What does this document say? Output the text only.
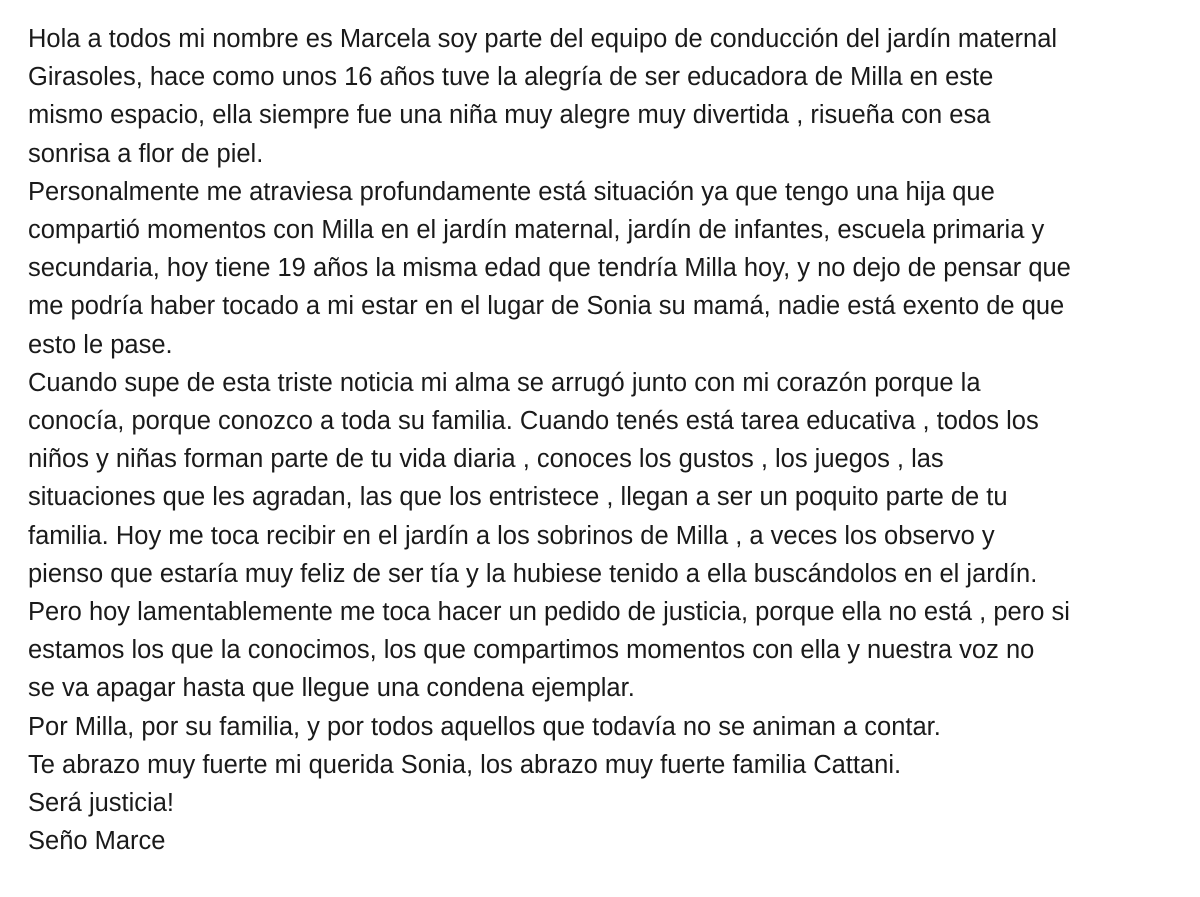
Hola a todos mi nombre es Marcela soy parte del equipo de conducción del jardín maternal
Girasoles, hace como unos 16 años tuve la alegría de ser educadora de Milla en este
mismo espacio, ella siempre fue una niña muy alegre muy divertida , risueña con esa
sonrisa a flor de piel.
Personalmente me atraviesa profundamente está situación ya que tengo una hija que
compartió momentos con Milla en el jardín maternal, jardín de infantes, escuela primaria y
secundaria, hoy tiene 19 años la misma edad que tendría Milla hoy, y no dejo de pensar que
me podría haber tocado a mi estar en el lugar de Sonia su mamá, nadie está exento de que
esto le pase.
Cuando supe de esta triste noticia mi alma se arrugó junto con mi corazón porque la
conocía, porque conozco a toda su familia. Cuando tenés está tarea educativa , todos los
niños y niñas forman parte de tu vida diaria , conoces los gustos , los juegos , las
situaciones que les agradan, las que los entristece , llegan a ser un poquito parte de tu
familia. Hoy me toca recibir en el jardín a los sobrinos de Milla , a veces los observo y
pienso que estaría muy feliz de ser tía y la hubiese tenido a ella buscándolos en el jardín.
Pero hoy lamentablemente me toca hacer un pedido de justicia, porque ella no está , pero si
estamos los que la conocimos, los que compartimos momentos con ella y nuestra voz no
se va apagar hasta que llegue una condena ejemplar.
Por Milla, por su familia, y por todos aquellos que todavía no se animan a contar.
Te abrazo muy fuerte mi querida Sonia, los abrazo muy fuerte familia Cattani.
Será justicia!
Seño Marce
